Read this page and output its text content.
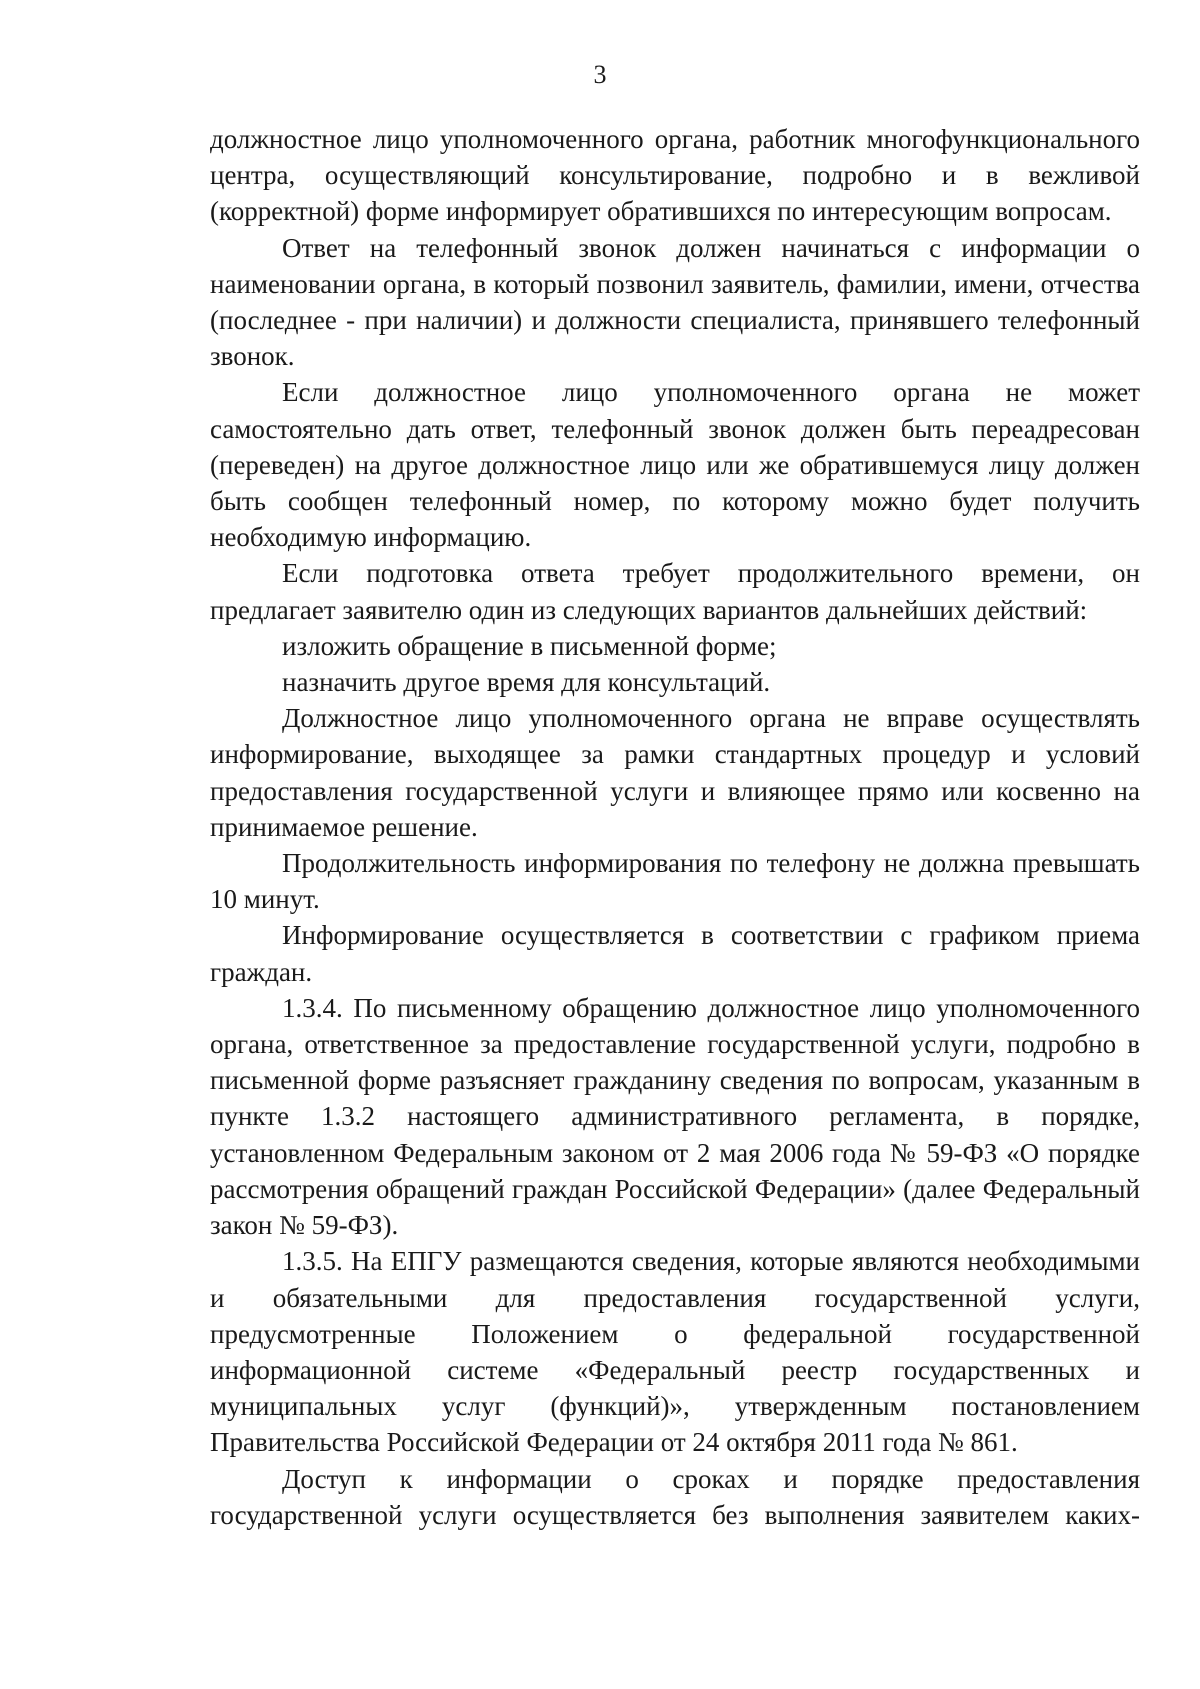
3

должностное лицо уполномоченного органа, работник многофункционального центра, осуществляющий консультирование, подробно и в вежливой (корректной) форме информирует обратившихся по интересующим вопросам.

Ответ на телефонный звонок должен начинаться с информации о наименовании органа, в который позвонил заявитель, фамилии, имени, отчества (последнее - при наличии) и должности специалиста, принявшего телефонный звонок.

Если должностное лицо уполномоченного органа не может самостоятельно дать ответ, телефонный звонок должен быть переадресован (переведен) на другое должностное лицо или же обратившемуся лицу должен быть сообщен телефонный номер, по которому можно будет получить необходимую информацию.

Если подготовка ответа требует продолжительного времени, он предлагает заявителю один из следующих вариантов дальнейших действий:

изложить обращение в письменной форме;

назначить другое время для консультаций.

Должностное лицо уполномоченного органа не вправе осуществлять информирование, выходящее за рамки стандартных процедур и условий предоставления государственной услуги и влияющее прямо или косвенно на принимаемое решение.

Продолжительность информирования по телефону не должна превышать 10 минут.

Информирование осуществляется в соответствии с графиком приема граждан.

1.3.4. По письменному обращению должностное лицо уполномоченного органа, ответственное за предоставление государственной услуги, подробно в письменной форме разъясняет гражданину сведения по вопросам, указанным в пункте 1.3.2 настоящего административного регламента, в порядке, установленном Федеральным законом от 2 мая 2006 года № 59-ФЗ «О порядке рассмотрения обращений граждан Российской Федерации» (далее Федеральный закон № 59-ФЗ).

1.3.5. На ЕПГУ размещаются сведения, которые являются необходимыми и обязательными для предоставления государственной услуги, предусмотренные Положением о федеральной государственной информационной системе «Федеральный реестр государственных и муниципальных услуг (функций)», утвержденным постановлением Правительства Российской Федерации от 24 октября 2011 года № 861.

Доступ к информации о сроках и порядке предоставления государственной услуги осуществляется без выполнения заявителем каких-
